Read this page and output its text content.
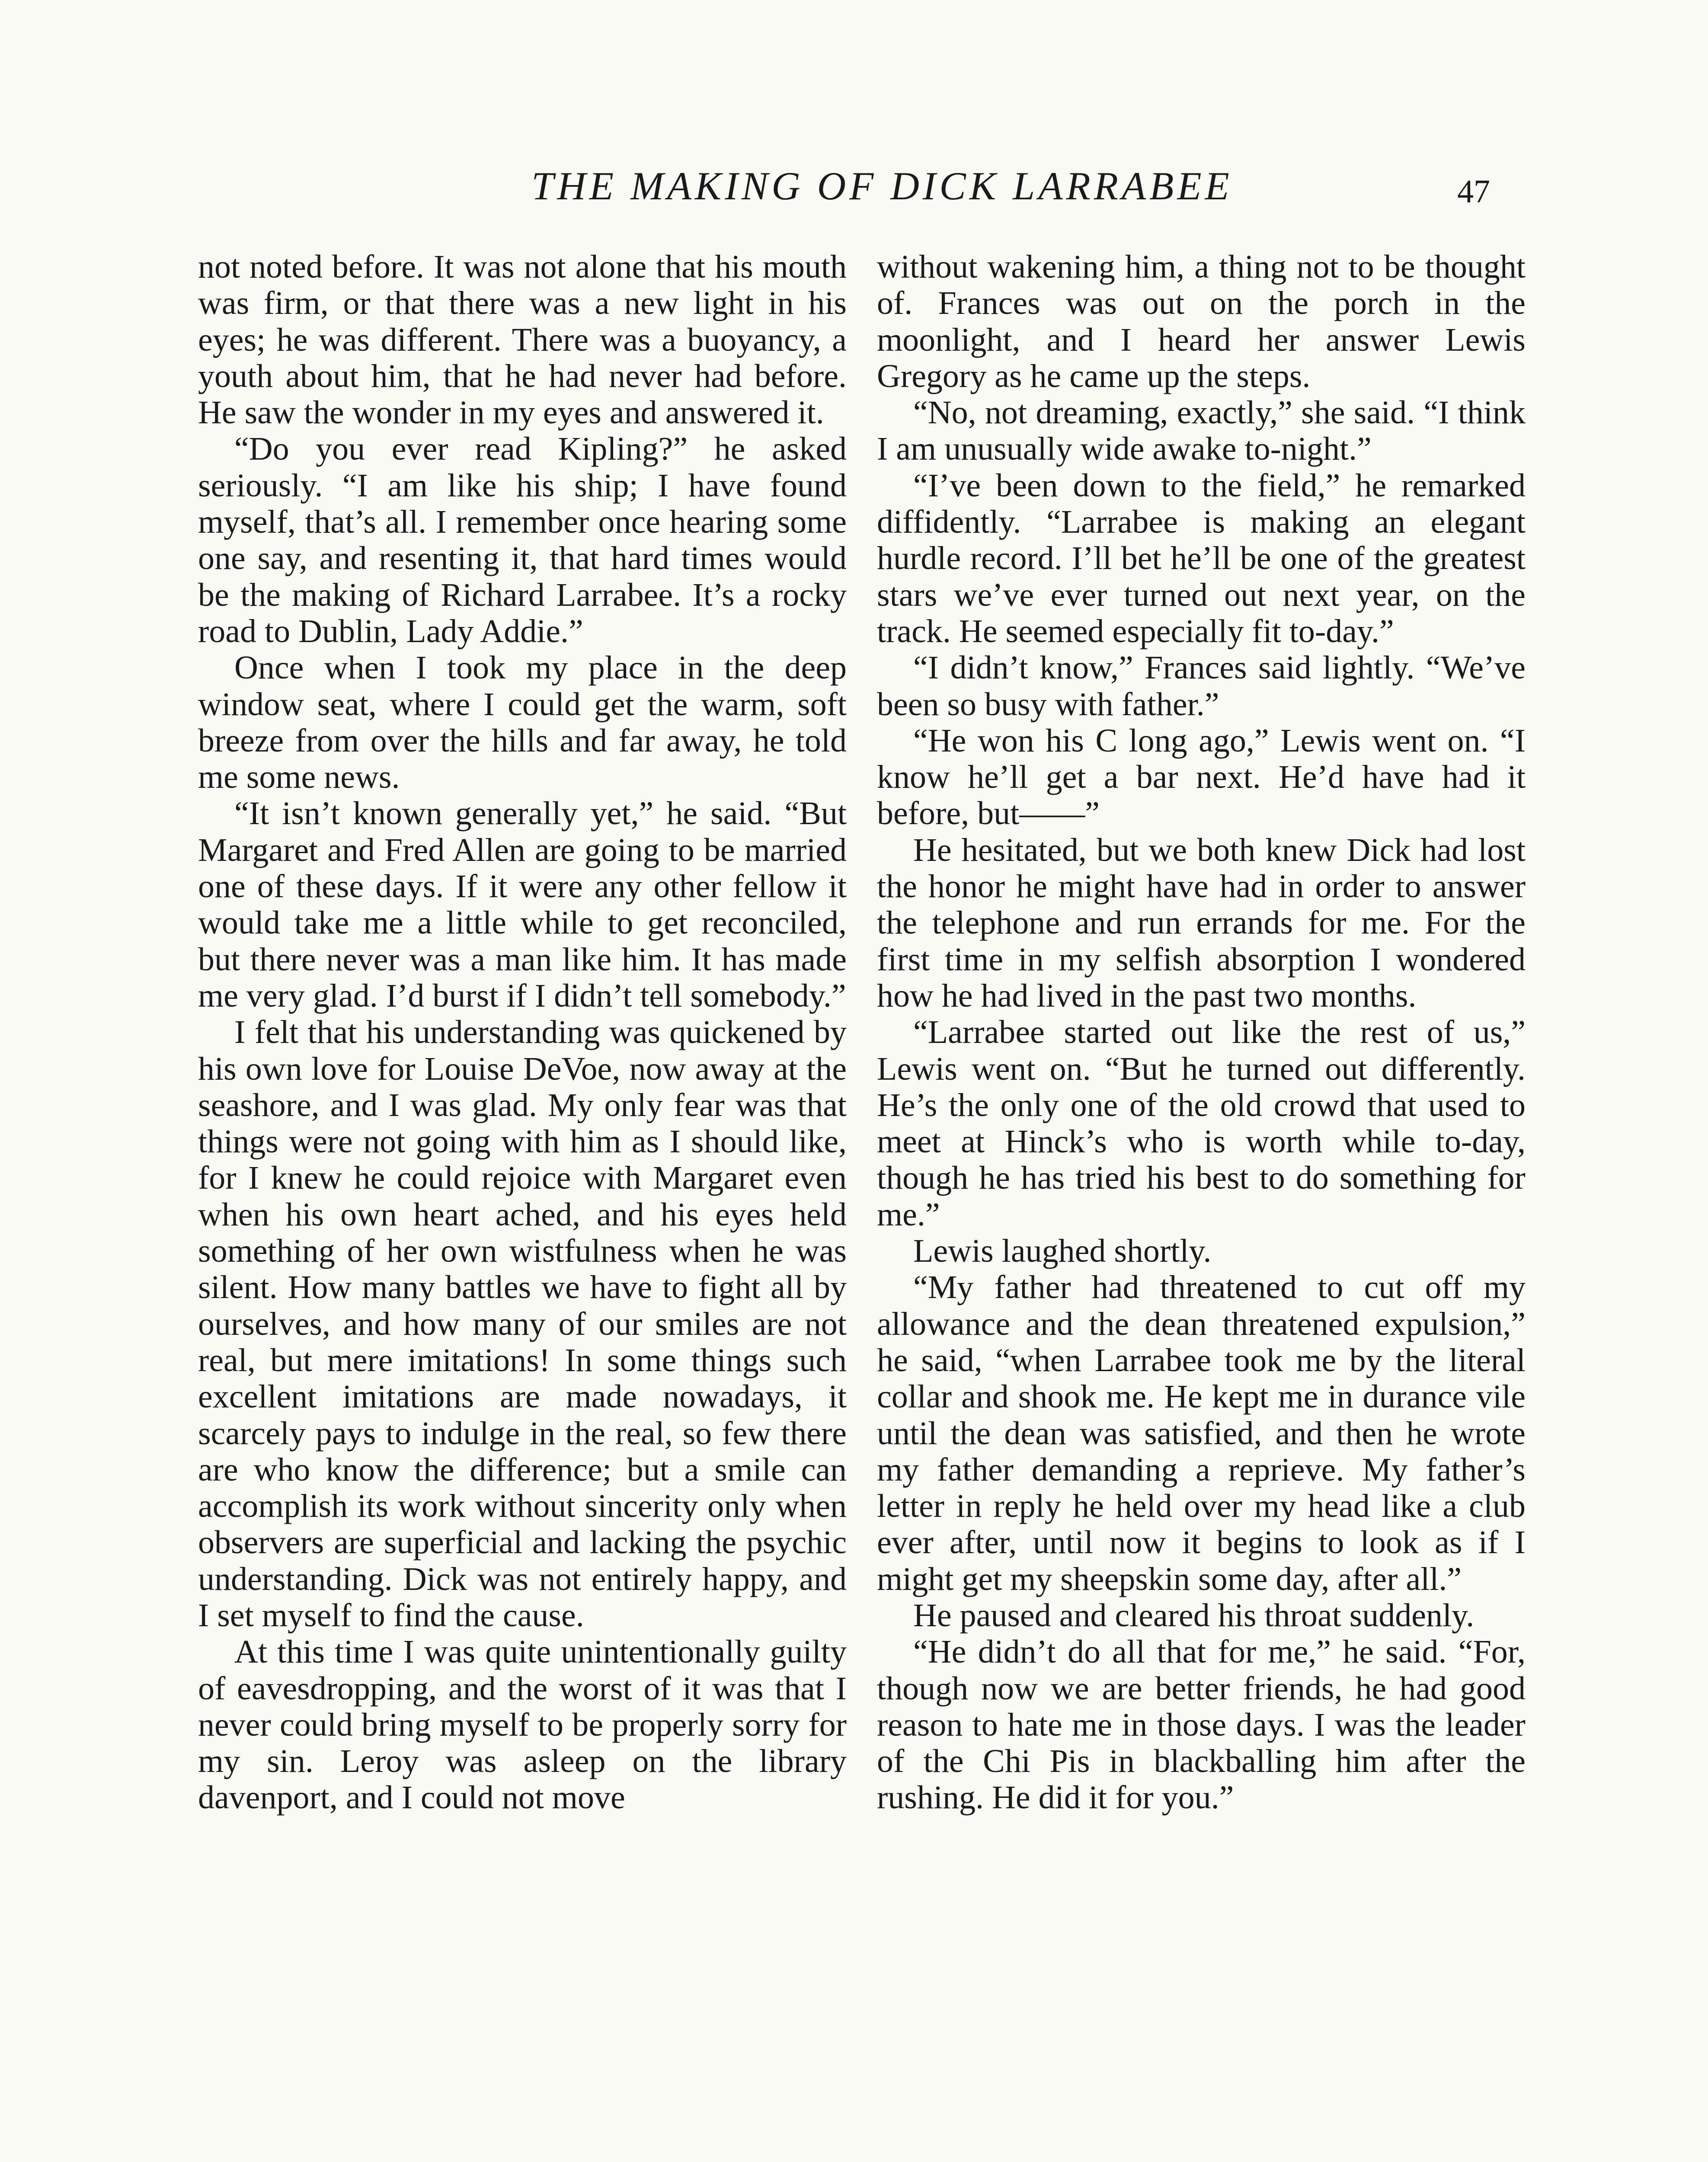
THE MAKING OF DICK LARRABEE	47

not noted before. It was not alone that his mouth was firm, or that there was a new light in his eyes; he was different. There was a buoyancy, a youth about him, that he had never had before. He saw the wonder in my eyes and answered it.

“Do you ever read Kipling?” he asked seriously. “I am like his ship; I have found myself, that’s all. I remember once hearing some one say, and resenting it, that hard times would be the making of Richard Larrabee. It’s a rocky road to Dublin, Lady Addie.”

Once when I took my place in the deep window seat, where I could get the warm, soft breeze from over the hills and far away, he told me some news.

“It isn’t known generally yet,” he said. “But Margaret and Fred Allen are going to be married one of these days. If it were any other fellow it would take me a little while to get reconciled, but there never was a man like him. It has made me very glad. I’d burst if I didn’t tell somebody.”

I felt that his understanding was quickened by his own love for Louise DeVoe, now away at the seashore, and I was glad. My only fear was that things were not going with him as I should like, for I knew he could rejoice with Margaret even when his own heart ached, and his eyes held something of her own wistfulness when he was silent. How many battles we have to fight all by ourselves, and how many of our smiles are not real, but mere imitations! In some things such excellent imitations are made nowadays, it scarcely pays to indulge in the real, so few there are who know the difference; but a smile can accomplish its work without sincerity only when observers are superficial and lacking the psychic understanding. Dick was not entirely happy, and I set myself to find the cause.

At this time I was quite unintentionally guilty of eavesdropping, and the worst of it was that I never could bring myself to be properly sorry for my sin. Leroy was asleep on the library davenport, and I could not move

without wakening him, a thing not to be thought of. Frances was out on the porch in the moonlight, and I heard her answer Lewis Gregory as he came up the steps.

“No, not dreaming, exactly,” she said. “I think I am unusually wide awake to-night.”

“I’ve been down to the field,” he remarked diffidently. “Larrabee is making an elegant hurdle record. I’ll bet he’ll be one of the greatest stars we’ve ever turned out next year, on the track. He seemed especially fit to-day.”

“I didn’t know,” Frances said lightly. “We’ve been so busy with father.”

“He won his C long ago,” Lewis went on. “I know he’ll get a bar next. He’d have had it before, but——”

He hesitated, but we both knew Dick had lost the honor he might have had in order to answer the telephone and run errands for me. For the first time in my selfish absorption I wondered how he had lived in the past two months.

“Larrabee started out like the rest of us,” Lewis went on. “But he turned out differently. He’s the only one of the old crowd that used to meet at Hinck’s who is worth while to-day, though he has tried his best to do something for me.”

Lewis laughed shortly.

“My father had threatened to cut off my allowance and the dean threatened expulsion,” he said, “when Larrabee took me by the literal collar and shook me. He kept me in durance vile until the dean was satisfied, and then he wrote my father demanding a reprieve. My father’s letter in reply he held over my head like a club ever after, until now it begins to look as if I might get my sheepskin some day, after all.”

He paused and cleared his throat suddenly.

“He didn’t do all that for me,” he said. “For, though now we are better friends, he had good reason to hate me in those days. I was the leader of the Chi Pis in blackballing him after the rushing. He did it for you.”
